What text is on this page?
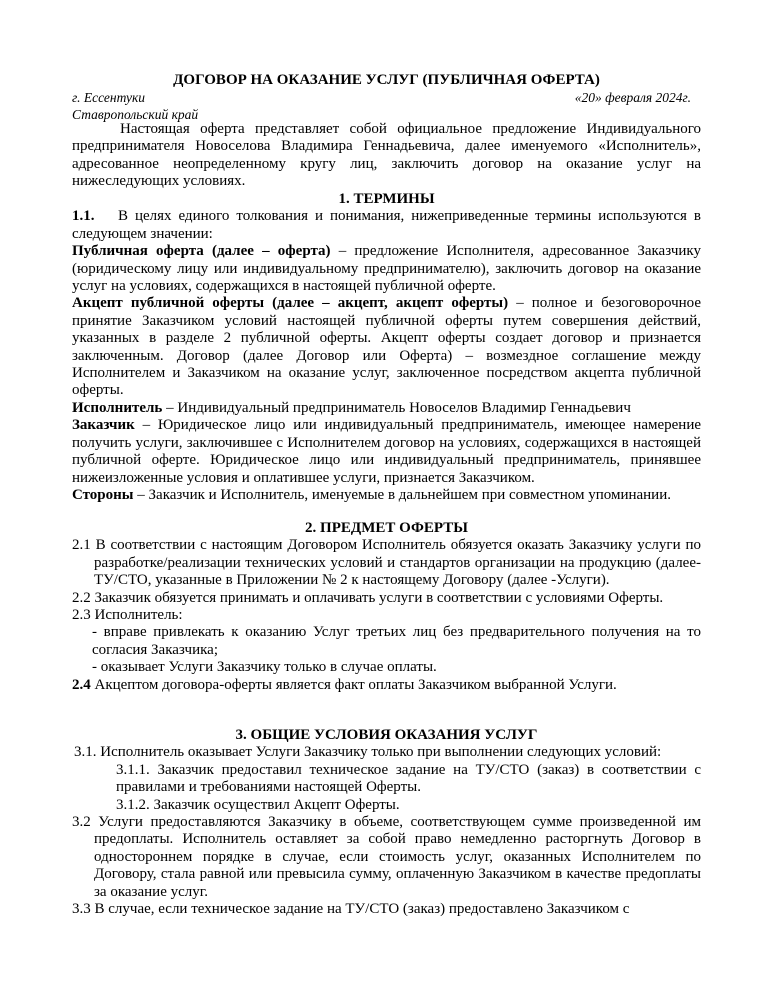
ДОГОВОР НА ОКАЗАНИЕ УСЛУГ (ПУБЛИЧНАЯ ОФЕРТА)
г. Ессентуки
Ставропольский край
«20» февраля 2024г.

Настоящая оферта представляет собой официальное предложение Индивидуального предпринимателя Новоселова Владимира Геннадьевича, далее именуемого «Исполнитель», адресованное неопределенному кругу лиц, заключить договор на оказание услуг на нижеследующих условиях.

1. ТЕРМИНЫ

1.1. В целях единого толкования и понимания, нижеприведенные термины используются в следующем значении:

Публичная оферта (далее – оферта) – предложение Исполнителя, адресованное Заказчику (юридическому лицу или индивидуальному предпринимателю), заключить договор на оказание услуг на условиях, содержащихся в настоящей публичной оферте.

Акцепт публичной оферты (далее – акцепт, акцепт оферты) – полное и безоговорочное принятие Заказчиком условий настоящей публичной оферты путем совершения действий, указанных в разделе 2 публичной оферты. Акцепт оферты создает договор и признается заключенным. Договор (далее Договор или Оферта) – возмездное соглашение между Исполнителем и Заказчиком на оказание услуг, заключенное посредством акцепта публичной оферты.

Исполнитель – Индивидуальный предприниматель Новоселов Владимир Геннадьевич

Заказчик – Юридическое лицо или индивидуальный предприниматель, имеющее намерение получить услуги, заключившее с Исполнителем договор на условиях, содержащихся в настоящей публичной оферте. Юридическое лицо или индивидуальный предприниматель, принявшее нижеизложенные условия и оплатившее услуги, признается Заказчиком.

Стороны – Заказчик и Исполнитель, именуемые в дальнейшем при совместном упоминании.

2. ПРЕДМЕТ ОФЕРТЫ

2.1 В соответствии с настоящим Договором Исполнитель обязуется оказать Заказчику услуги по разработке/реализации технических условий и стандартов организации на продукцию (далее-ТУ/СТО, указанные в Приложении № 2 к настоящему Договору (далее -Услуги).

2.2 Заказчик обязуется принимать и оплачивать услуги в соответствии с условиями Оферты.

2.3 Исполнитель:

- вправе привлекать к оказанию Услуг третьих лиц без предварительного получения на то согласия Заказчика;

- оказывает Услуги Заказчику только в случае оплаты.

2.4 Акцептом договора-оферты является факт оплаты Заказчиком выбранной Услуги.

3. ОБЩИЕ УСЛОВИЯ ОКАЗАНИЯ УСЛУГ

3.1. Исполнитель оказывает Услуги Заказчику только при выполнении следующих условий:

3.1.1. Заказчик предоставил техническое задание на ТУ/СТО (заказ) в соответствии с правилами и требованиями настоящей Оферты.

3.1.2. Заказчик осуществил Акцепт Оферты.

3.2 Услуги предоставляются Заказчику в объеме, соответствующем сумме произведенной им предоплаты. Исполнитель оставляет за собой право немедленно расторгнуть Договор в одностороннем порядке в случае, если стоимость услуг, оказанных Исполнителем по Договору, стала равной или превысила сумму, оплаченную Заказчиком в качестве предоплаты за оказание услуг.

3.3 В случае, если техническое задание на ТУ/СТО (заказ) предоставлено Заказчиком с
